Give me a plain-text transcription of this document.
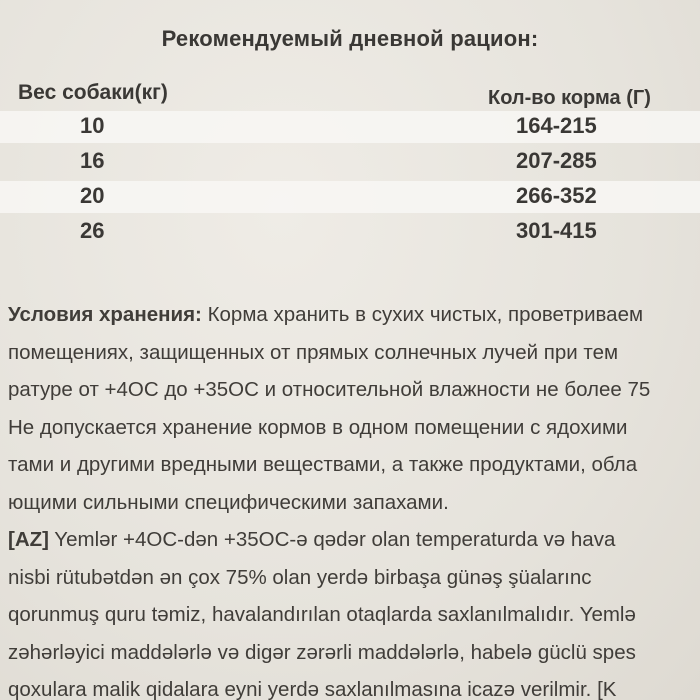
Рекомендуемый дневной рацион:
Вес собаки(кг)	Кол-во корма (Г)
10	164-215
16	207-285
20	266-352
26	301-415
Условия хранения: Корма хранить в сухих чистых, проветриваем
помещениях, защищенных от прямых солнечных лучей при тем
ратуре от +4ОС до +35ОС и относительной влажности не более 75
Не допускается хранение кормов в одном помещении с ядохими
тами и другими вредными веществами, а также продуктами, обла
ющими сильными специфическими запахами.
[AZ] Yemlər +4OC-dən +35OC-ə qədər olan temperaturda və hava
nisbi rütubətdən ən çox 75% olan yerdə birbaşa günəş şüalarınc
qorunmuş quru təmiz, havalandırılan otaqlarda saxlanılmalıdır. Yemlə
zəhərləyici maddələrlə və digər zərərli maddələrlə, habelə güclü spes
qoxulara malik qidalara eyni yerdə saxlanılmasına icazə verilmir. [K
